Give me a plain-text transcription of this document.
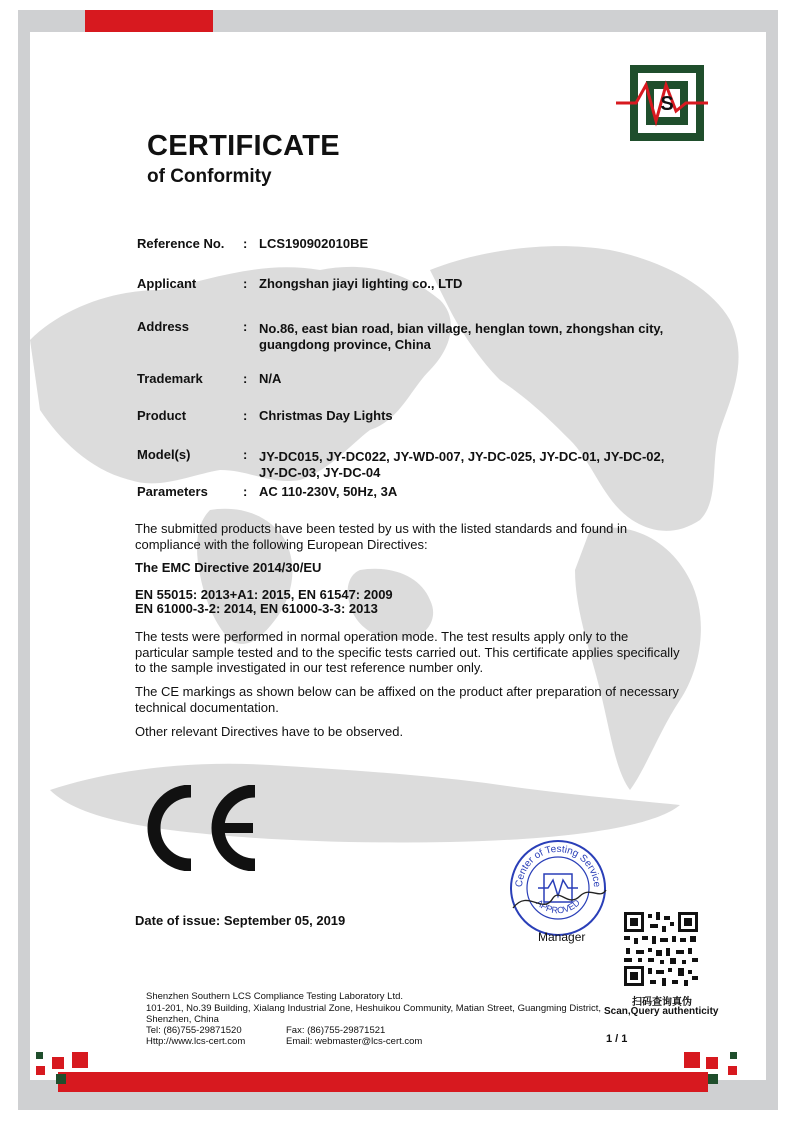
S
CERTIFICATE
of Conformity
Reference No.	: LCS190902010BE
Applicant	: Zhongshan jiayi lighting co., LTD
Address	: No.86, east bian road, bian village, henglan town, zhongshan city, guangdong province, China
Trademark	: N/A
Product	: Christmas Day Lights
Model(s)	: JY-DC015, JY-DC022, JY-WD-007, JY-DC-025, JY-DC-01, JY-DC-02, JY-DC-03, JY-DC-04
Parameters	: AC 110-230V, 50Hz, 3A
The submitted products have been tested by us with the listed standards and found in compliance with the following European Directives:
The EMC Directive 2014/30/EU
EN 55015: 2013+A1: 2015, EN 61547: 2009
EN 61000-3-2: 2014, EN 61000-3-3: 2013
The tests were performed in normal operation mode. The test results apply only to the particular sample tested and to the specific tests carried out. This certificate applies specifically to the sample investigated in our test reference number only.
The CE markings as shown below can be affixed on the product after preparation of necessary technical documentation.
Other relevant Directives have to be observed.
Date of issue: September 05, 2019
Center of Testing Service
APPROVED
Manager
扫码查询真伪
Scan,Query authenticity
Shenzhen Southern LCS Compliance Testing Laboratory Ltd.
101-201, No.39 Building, Xialang Industrial Zone, Heshuikou Community, Matian Street, Guangming District,
Shenzhen, China
Tel: (86)755-29871520	Fax: (86)755-29871521
Http://www.lcs-cert.com	Email: webmaster@lcs-cert.com	1 / 1
